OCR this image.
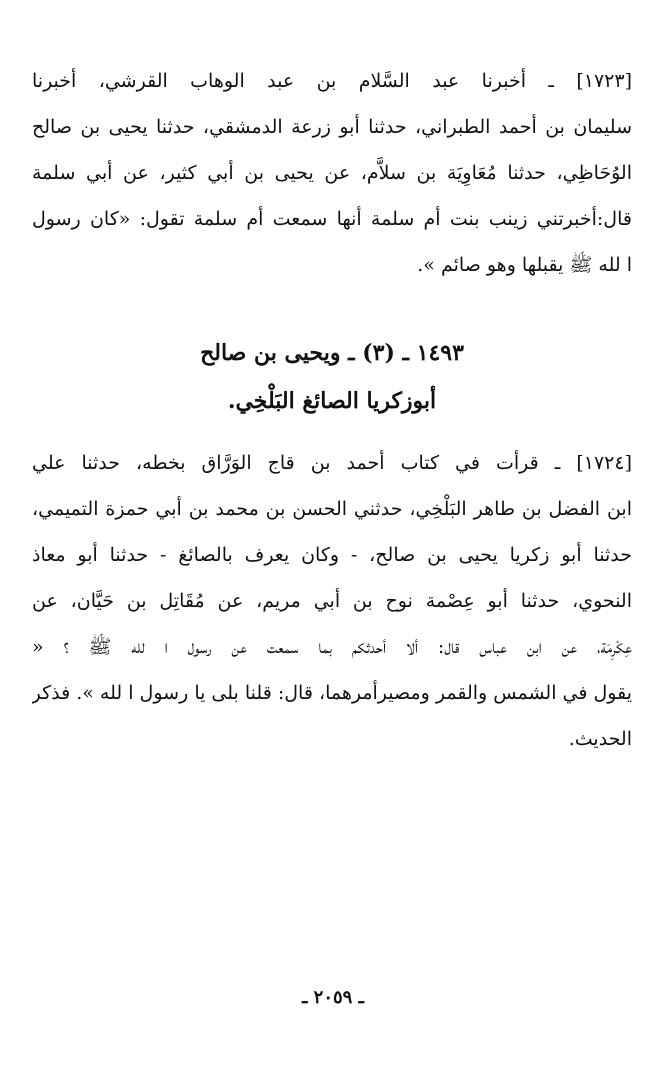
[١٧٢٣] ـ أخبرنا عبد السَّلام بن عبد الوهاب القرشي، أخبرنا
سليمان بن أحمد الطبراني، حدثنا أبو زرعة الدمشقي، حدثنا يحيى بن صالح
الوُحَاظِي، حدثنا مُعَاوِيَة بن سلاَّم، عن يحيى بن أبي كثير، عن أبي سلمة
قال:أخبرتني زينب بنت أم سلمة أنها سمعت أم سلمة تقول: «كان رسول
ا لله ﷺ يقبلها وهو صائم ».
١٤٩٣ ـ (٣) ـ ويحيى بن صالح
أبوزكريا الصائغ البَلْخِي.
[١٧٢٤] ـ قرأت في كتاب أحمد بن قاج الوَرَّاق بخطه، حدثنا علي
ابن الفضل بن طاهر البَلْخِي، حدثني الحسن بن محمد بن أبي حمزة التميمي،
حدثنا أبو زكريا يحيى بن صالح، - وكان يعرف بالصائغ - حدثنا أبو معاذ
النحوي، حدثنا أبو عِصْمة نوح بن أبي مريم، عن مُقَاتِل بن حَيَّان، عن
عِكْرِمَة، عن ابن عباس قال: ألا أحدثكم بما سمعت عن رسول ا لله ﷺ ؟ «
يقول في الشمس والقمر ومصيرأمرهما، قال: قلنا بلى يا رسول ا لله ». فذكر
الحديث.
ـ ٢٠٥٩ ـ
